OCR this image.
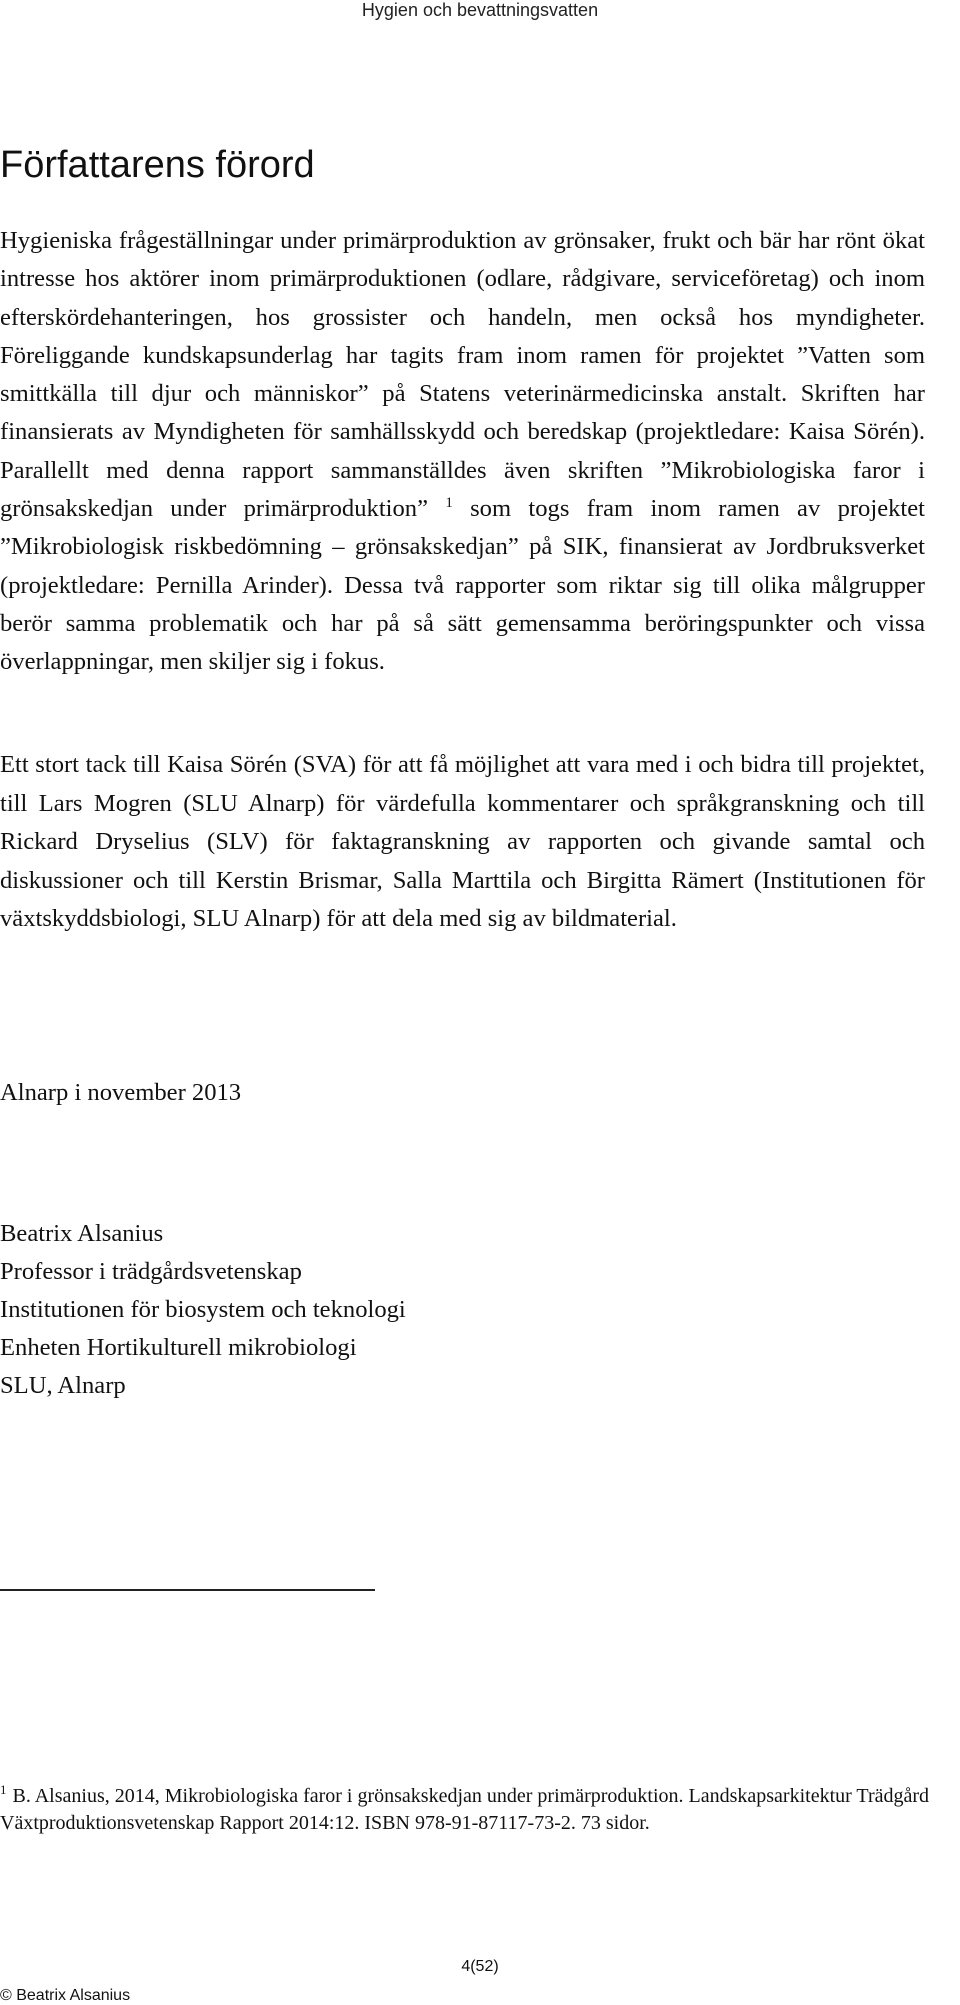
Hygien och bevattningsvatten
Författarens förord

Hygieniska frågeställningar under primärproduktion av grönsaker, frukt och bär har rönt ökat intresse hos aktörer inom primärproduktionen (odlare, rådgivare, serviceföretag) och inom efterskördehanteringen, hos grossister och handeln, men också hos myndigheter. Föreliggande kundskapsunderlag har tagits fram inom ramen för projektet ”Vatten som smittkälla till djur och människor” på Statens veterinärmedicinska anstalt. Skriften har finansierats av Myndigheten för samhällsskydd och beredskap (projektledare: Kaisa Sörén). Parallellt med denna rapport sammanställdes även skriften ”Mikrobiologiska faror i grönsakskedjan under primärproduktion” $^1$ som togs fram inom ramen av projektet ”Mikrobiologisk riskbedömning – grönsakskedjan” på SIK, finansierat av Jordbruksverket (projektledare: Pernilla Arinder). Dessa två rapporter som riktar sig till olika målgrupper berör samma problematik och har på så sätt gemensamma beröringspunkter och vissa överlappningar, men skiljer sig i fokus.

Ett stort tack till Kaisa Sörén (SVA) för att få möjlighet att vara med i och bidra till projektet, till Lars Mogren (SLU Alnarp) för värdefulla kommentarer och språkgranskning och till Rickard Dryselius (SLV) för faktagranskning av rapporten och givande samtal och diskussioner och till Kerstin Brismar, Salla Marttila och Birgitta Rämert (Institutionen för växtskyddsbiologi, SLU Alnarp) för att dela med sig av bildmaterial.

Alnarp i november 2013

Beatrix Alsanius
Professor i trädgårdsvetenskap
Institutionen för biosystem och teknologi
Enheten Hortikulturell mikrobiologi
SLU, Alnarp

$^1$ B. Alsanius, 2014, Mikrobiologiska faror i grönsakskedjan under primärproduktion. Landskapsarkitektur Trädgård Växtproduktionsvetenskap Rapport 2014:12. ISBN 978-91-87117-73-2. 73 sidor.

4(52)

© Beatrix Alsanius
